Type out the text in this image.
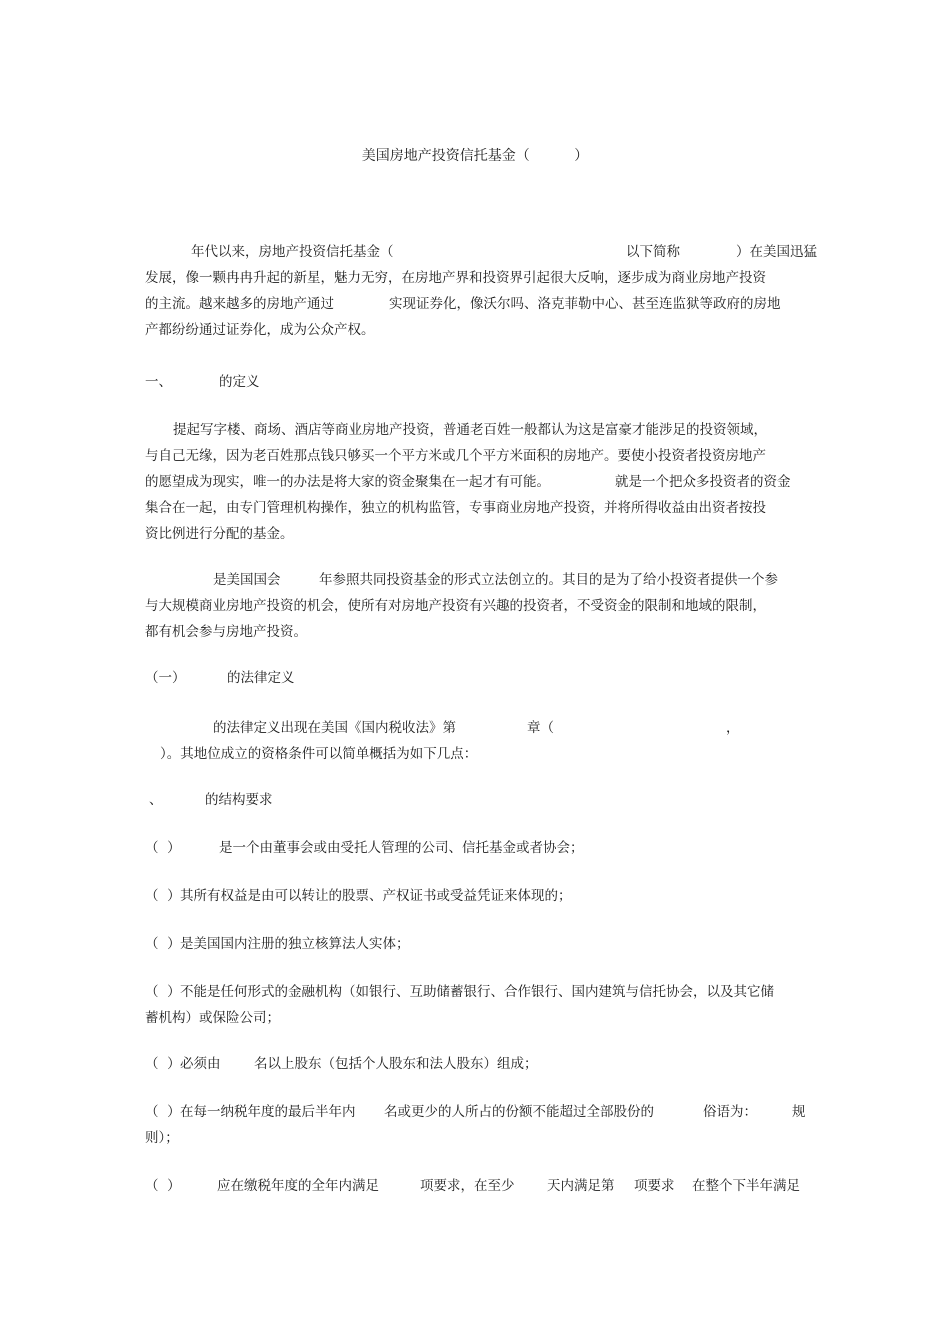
美国房地产投资信托基金（          ）
年代以来，房地产投资信托基金（	以下简称	）在美国迅猛
发展，像一颗冉冉升起的新星，魅力无穷，在房地产界和投资界引起很大反响，逐步成为商业房地产投资
的主流。越来越多的房地产通过	实现证券化，像沃尔吗、洛克菲勒中心、甚至连监狱等政府的房地
产都纷纷通过证券化，成为公众产权。
一、	的定义
提起写字楼、商场、酒店等商业房地产投资，普通老百姓一般都认为这是富豪才能涉足的投资领域，
与自己无缘，因为老百姓那点钱只够买一个平方米或几个平方米面积的房地产。要使小投资者投资房地产
的愿望成为现实，唯一的办法是将大家的资金聚集在一起才有可能。	就是一个把众多投资者的资金
集合在一起，由专门管理机构操作，独立的机构监管，专事商业房地产投资，并将所得收益由出资者按投
资比例进行分配的基金。
是美国国会	年参照共同投资基金的形式立法创立的。其目的是为了给小投资者提供一个参
与大规模商业房地产投资的机会，使所有对房地产投资有兴趣的投资者，不受资金的限制和地域的限制，
都有机会参与房地产投资。
（一）	的法律定义
的法律定义出现在美国《国内税收法》第	章（	，
）。其地位成立的资格条件可以简单概括为如下几点：
、	的结构要求
（  ）	是一个由董事会或由受托人管理的公司、信托基金或者协会；
（  ） 其所有权益是由可以转让的股票、产权证书或受益凭证来体现的；
（  ） 是美国国内注册的独立核算法人实体；
（  ） 不能是任何形式的金融机构（如银行、互助储蓄银行、合作银行、国内建筑与信托协会，以及其它储
蓄机构）或保险公司；
（  ） 必须由 名以上股东（包括个人股东和法人股东）组成；
（  ） 在每一纳税年度的最后半年内 名或更少的人所占的份额不能超过全部股份的	俗语为：	规
则）；
（  ）	应在缴税年度的全年内满足	项要求，在至少 天内满足第 项要求 在整个下半年满足
